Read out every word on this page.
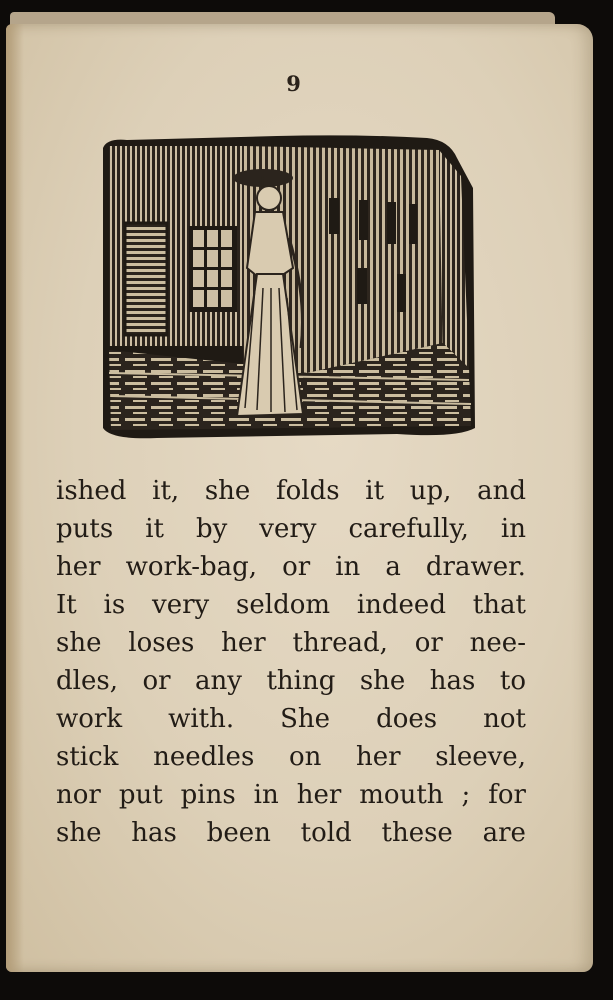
9
ished it, she folds it up, and
puts it by very carefully, in
her work-bag, or in a drawer.
It is very seldom indeed that
she loses her thread, or nee-
dles, or any thing she has to
work with. She does not
stick needles on her sleeve,
nor put pins in her mouth ; for
she has been told these are
